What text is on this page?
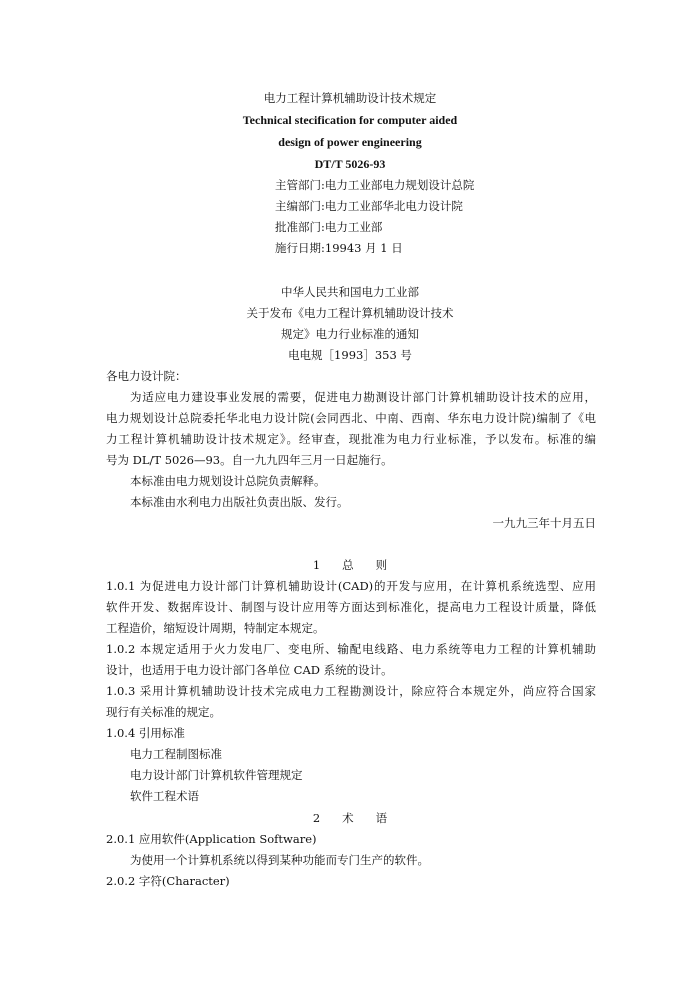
电力工程计算机辅助设计技术规定
Technical stecification for computer aided
design of power engineering
DT/T 5026-93
主管部门:电力工业部电力规划设计总院
主编部门:电力工业部华北电力设计院
批准部门:电力工业部
施行日期:19943 月 1 日
中华人民共和国电力工业部
关于发布《电力工程计算机辅助设计技术
规定》电力行业标准的通知
电电规［1993］353 号
各电力设计院：
为适应电力建设事业发展的需要，促进电力勘测设计部门计算机辅助设计技术的应用，
电力规划设计总院委托华北电力设计院(会同西北、中南、西南、华东电力设计院)编制了《电
力工程计算机辅助设计技术规定》。经审查，现批准为电力行业标准，予以发布。标准的编
号为 DL/T 5026—93。自一九九四年三月一日起施行。
本标准由电力规划设计总院负责解释。
本标准由水利电力出版社负责出版、发行。
一九九三年十月五日
1 总 则
1.0.1 为促进电力设计部门计算机辅助设计(CAD)的开发与应用，在计算机系统选型、应用
软件开发、数据库设计、制图与设计应用等方面达到标准化，提高电力工程设计质量，降低
工程造价，缩短设计周期，特制定本规定。
1.0.2 本规定适用于火力发电厂、变电所、输配电线路、电力系统等电力工程的计算机辅助
设计，也适用于电力设计部门各单位 CAD 系统的设计。
1.0.3 采用计算机辅助设计技术完成电力工程勘测设计，除应符合本规定外，尚应符合国家
现行有关标准的规定。
1.0.4 引用标准
电力工程制图标准
电力设计部门计算机软件管理规定
软件工程术语
2 术 语
2.0.1 应用软件(Application Software)
为使用一个计算机系统以得到某种功能而专门生产的软件。
2.0.2 字符(Character)
